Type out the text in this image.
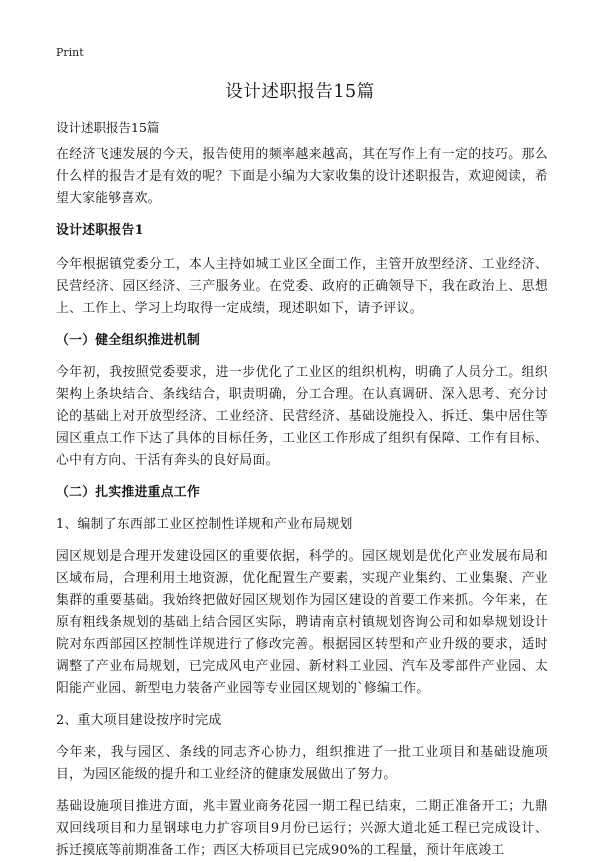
Print
设计述职报告15篇
设计述职报告15篇

在经济飞速发展的今天，报告使用的频率越来越高，其在写作上有一定的技巧。那么什么样的报告才是有效的呢？下面是小编为大家收集的设计述职报告，欢迎阅读，希望大家能够喜欢。

设计述职报告1

今年根据镇党委分工，本人主持如城工业区全面工作，主管开放型经济、工业经济、民营经济、园区经济、三产服务业。在党委、政府的正确领导下，我在政治上、思想上、工作上、学习上均取得一定成绩，现述职如下，请予评议。

（一）健全组织推进机制

今年初，我按照党委要求，进一步优化了工业区的组织机构，明确了人员分工。组织架构上条块结合、条线结合，职责明确，分工合理。在认真调研、深入思考、充分讨论的基础上对开放型经济、工业经济、民营经济、基础设施投入、拆迁、集中居住等园区重点工作下达了具体的目标任务，工业区工作形成了组织有保障、工作有目标、心中有方向、干活有奔头的良好局面。

（二）扎实推进重点工作

1、编制了东西部工业区控制性详规和产业布局规划

园区规划是合理开发建设园区的重要依据，科学的。园区规划是优化产业发展布局和区域布局，合理利用土地资源，优化配置生产要素，实现产业集约、工业集聚、产业集群的重要基础。我始终把做好园区规划作为园区建设的首要工作来抓。今年来，在原有粗线条规划的基础上结合园区实际，聘请南京村镇规划咨询公司和如皋规划设计院对东西部园区控制性详规进行了修改完善。根据园区转型和产业升级的要求，适时调整了产业布局规划，已完成风电产业园、新材料工业园、汽车及零部件产业园、太阳能产业园、新型电力装备产业园等专业园区规划的`修编工作。

2、重大项目建设按序时完成

今年来，我与园区、条线的同志齐心协力，组织推进了一批工业项目和基础设施项目，为园区能级的提升和工业经济的健康发展做出了努力。

基础设施项目推进方面，兆丰置业商务花园一期工程已结束，二期正准备开工；九鼎双回线项目和力星钢球电力扩容项目9月份已运行；兴源大道北延工程已完成设计、拆迁摸底等前期准备工作；西区大桥项目已完成90%的工程量，预计年底竣工
